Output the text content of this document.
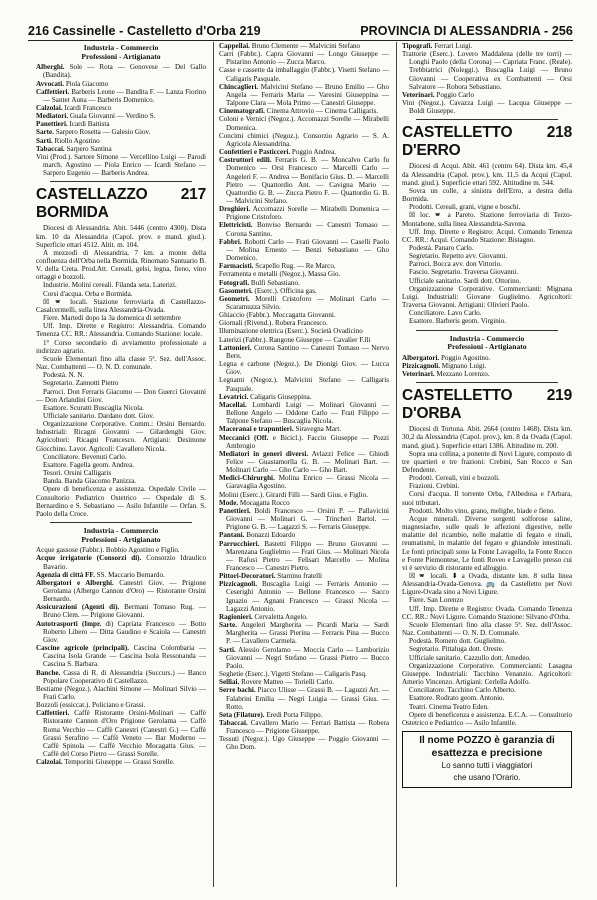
216 Cassinelle - Castelletto d'Orba 219	PROVINCIA DI ALESSANDRIA - 256
Industria - Commercio
Professioni - Artigianato

Alberghi. Sole — Rota — Genovese — Del Gallo (Bandita).

Avvocati. Piola Giacomo

Caffettieri. Barberis Leone — Bandita F. — Lanza Fiorino — Santer Auna — Barberis Domenico.

Calzolai. Icardi Francesco

Mediatori. Guala Giovanni — Verdino S.

Panettieri. Icardi Battista

Sarte. Sarpero Rosetta — Galesio Giov.

Sarti. Riollo Agostino

Tabaccai. Sarpero Santina

Vini (Prod.). Sartore Simone — Vercellino Luigi — Parodi march. Agostino — Piola Enrico — Icardi Stefano — Sarpero Eugenio — Barberis Andrea.

CASTELLAZZO BORMIDA
217

Diocesi di Alessandria. Abit. 5446 (centro 4300). Dista km. 10 da Alessandria (Capol. prov. e mand. giud.). Superficie ettari 4512. Altit. m. 104.

A mezzodì di Alessandria, 7 km. a monte della confluenza dell'Orba nella Bormida. Rinomato Santuario B. V. della Creta. Prod.Att. Cereali, gelsi, legna, fieno, vino ortaggi e bozzoli.

Industrie. Molini cereali. Filanda seta. Laterizi.

Corsi d'acqua. Orba e Bormida.

☒ 🕿 locali. Stazione ferroviaria di Castellazzo-Casalcermelli, sulla linea Alessandria-Ovada.

Fiere. Martedì dopo la 3a domenica di settembre

Uff. Imp. Dirette e Registro: Alessandria. Comando Tenenza CC. RR.: Alessandria. Comando Stazione: locale.

1° Corso secondario di avviamento professionale a indirizzo agrario.

Scuole Elementari fino alla classe 5ª. Sez. dell'Assoc. Naz. Combattenti — O. N. D. comunale.

Podestà. N. N.

Segretario. Zannotti Pietro

Parroci. Don Ferraris Giacomo — Don Guerci Giovanni — Don Arlandini Giov.

Esattore. Scuratti Buscaglia Nicola.

Ufficiale sanitario. Dardano dott. Giov.

Organizzazione Corporative. Comm.: Orsini Bernardo. Industriali: Ricagni Giovanni — Gilardenghi Giov. Agricoltori: Ricagni Francesco. Artigiani: Desimone Giocchino. Lavor. Agricoli: Cavallero Nicola.

Conciliatore. Bevenuti Carlo.

Esattore. Fagella geom. Andrea.

Tesori. Orsini Calligaris

Banda. Banda Giacomo Panizza.

Opere di beneficenza e assistenza. Ospedale Civile — Consultorio Pediatrico Ostetrico — Ospedale di S. Bernardino e S. Sebastiano — Asilo Infantile — Orfan. S. Paolo della Croce.

Industria - Commercio
Professioni - Artigianato

Acque gassose (Fabbr.). Bobbio Agostino e Figlio.

Acque irrigatorie (Consorzi di). Consorzio Idraulico Bavario.

Agenzia di città FF. SS. Maccario Bernardo.

Albergatori e Alberghi. Canestri Giov. — Prigione Gerolama (Albergo Cannon d'Oro) — Ristorante Orsini Bernardo.

Assicurazioni (Agenti di). Bermani Tomaso Rug. — Bruno Clem. — Prigione Giovanni.

Autotrasporti (Impr. di) Capriata Francesco — Botto Roberto Libero — Ditta Gaudino e Scaiola — Canestri Giov.

Cascine agricole (principali). Cascina Colombaria — Cascina Isola Grande — Cascina Isola Ressonanda — Cascina S. Barbara.

Banche. Cassa di R. di Alessandria (Succurs.) — Banco Popolare Cooperativo di Castellazzo.

Bestiame (Negoz.). Alachini Simone — Molinari Silvio — Frati Carlo.

Bozzoli (essiccat.). Policiano e Grassi.

Caffettieri. Caffè Ristorante Orsini-Molinari — Caffè Ristorante Cannon d'Oro Prigione Gerolama — Caffè Roma Vecchio — Caffè Canestri (Canestri G.) — Caffè Grassi Serafino — Caffè Veneto — Bar Moderno — Caffè Spinola — Caffè Vecchio Mocagatta Gius. — Caffè del Corso Pietro — Grassi Sorelle.

Calzolai. Temporini Giuseppe — Grassi Sorelle.

Cappellai. Bruno Clemente — Malvicini Stefano

Carri (Fabbr.). Capra Giovanni — Longo Giuseppe — Pistarino Antonio — Zucca Marco.

Casse e cassette da imballaggio (Fabbr.). Visetti Stefano — Caligaris Pasquale.

Chincaglieri. Malvicini Stefano — Bruno Emilio — Gho Angela — Ferraris Maria — Varesini Giuseppina — Talpone Clara — Mola Primo — Canestri Giuseppe.

Cinematografi. Cinema Attrovio — Cinema Calligaris.

Coloni e Vernici (Negoz.). Accomazzi Sorelle — Mirabelli Domenica.

Concimi chimici (Negoz.). Consorzio Agrario — S. A. Agricola Alessandrina.

Confettieri e Pasticceri. Poggio Andrea.

Costruttori edili. Ferraris G. B. — Moncalvo Carlo fu Domenico — Orsi Francesco — Marcelli Carlo — Angeleri F. — Andrea — Bonifacio Gius. D. — Marcelli Pietro — Quattordio Ant. — Cavigna Mario — Quattordio G. B. — Zucca Pietro F. — Quattordio G. B. — Malvicini Stefano.

Droghieri. Accomazzi Sorelle — Mirabelli Domenica — Prigione Cristoforo.

Elettricisti. Bonviso Bernardo — Canestri Tomaso — Corona Santino.

Fabbri. Robotti Carlo — Frati Giovanni — Caselli Paolo — Molina Ernesto — Benzi Sebastiano — Gho Domenico.

Farmacisti. Scapello Rug. — Re Marco.

Ferramenta e metalli (Negoz.). Massa Gio.

Fotografi. Bulfi Sebastiano.

Gasometri. (Eserc.). Officina gas.

Geometri. Morelli Cristoforo — Molinari Carlo — Scaramuzza Silvio.

Ghiaccio (Fabbr.). Moccagatta Giovanni.

Giornali (Rivend.). Robera Francesco.

Illuminazione elettrica (Eserc.). Società Ovadicino

Laterizi (Fabbr.). Rangone Giuseppe — Cavalier F.lli

Lattonieri. Corona Santino — Canestri Tomaso — Nervo Bern.

Legna e carbone (Negoz.). De Dionigi Giov. — Lucca Giov.

Legnami (Negoz.). Malvicini Stefano — Calligaris Pasquale.

Levatrici. Caligaris Giuseppina.

Macellai. Lombardi Luigi — Molinari Giovanni — Bellone Angelo — Oddone Carlo — Frati Filippo — Talpone Stefano — Buscaglia Nicola.

Maceranai e trapuntieri. Siravegna Mart.

Meccanici (Off. e Bicicl.). Faccio Giuseppe — Pozzi Ambrogio

Mediatori in generi diversi. Avlazzi Felice — Ghiodi Felice — Guastamorlla G. B. — Molinari Bart. — Molinari Carlo — Gho Carlo — Gho Bart.

Medici-Chirurghi. Molina Enrico — Grassi Nicola — Garavaglia Agostino.

Molini (Eserc.). Girardi Filli — Sardi Gius. e Figlio.

Mode. Mocagatta Rocco

Panettieri. Boldi Francesco — Orsini P. — Pallavicini Giovanni — Molinari G. — Trincheri Bartol. — Prigione G. B. — Lagazzi S. — Ferraris Giuseppe.

Pantani. Bonazzi Edoardo

Parrucchieri. Bastetti Filippo — Bruno Giovanni — Marenzana Guglielmo — Frati Gius. — Molinari Nicola — Rafusi Pietro — Felisari Marcello — Molina Francesco — Canestri Pietro.

Pittori-Decoratori. Starnino fratelli

Pizzicagnoli. Buscaglia Luigi — Ferraris Antonio — Ceserighi Antonio — Bellone Francesco — Sacco Ignazio — Agnani Francesco — Grassi Nicola — Lagazzi Antonio.

Ragionieri. Cervaletta Angelo.

Sarte. Angeleri Margherita — Picardi Maria — Sardi Margherita — Grassi Pierina — Ferraris Pina — Bucco P. — Cavallero Carmela.

Sarti. Alessio Gerolamo — Moccia Carlo — Lamborizio Giovanni — Negri Stefano — Grassi Pietro — Bucco Paolo.

Seghetie (Eserc.). Vigetti Stefano — Caligaris Pasq.

Selliai. Rovere Matteo — Torielli Carlo.

Serre bachi. Piacco Ulisse — Grassi B. — Laguzzi Art. — Falabrini Emilia — Negri Luigia — Grassi Gius. — Rotto.

Seta (Filature). Eredi Porta Filippo.

Tabaccai. Cavallero Mario — Ferrari Battista — Robera Francesco — Prigione Giuseppe.

Tessuti (Negoz.). Ugo Giuseppe — Poggio Giovanni — Gho Dom.

Tipografi. Ferrari Luigi.

Trattorie (Eserc.). Lovero Maddalena (delle tre torri) — Longhi Paolo (della Corona) — Capriata Franc. (Reale). Trebbiatrici (Noleggi.). Buscaglia Luigi — Bruno Giovanni — Cooperativa ex Combattenti — Orsi Salvatore — Robora Sebastiano.

Veterinari. Poggio Carlo

Vini (Negoz.). Cavazza Luigi — Lacqua Giuseppe — Boldi Giuseppe.

CASTELLETTO D'ERRO
218

Diocesi di Acqui. Abit. 461 (centro 64). Dista km. 45,4 da Alessandria (Capol. prov.), km. 11,5 da Acqui (Capol. mand. giud.). Superficie ettari 592. Altitudine m. 544.

Sovra un colle, a sinistra dell'Erro, a destra della Bormida.

Prodotti. Cereali, grani, vigne e boschi.

☒ loc. 🕿 a Pareto. Stazione ferroviaria di Terzo-Montabone, sulla linea Alessandria-Savona.

Uff. Imp. Dirette e Registro: Acqui. Comando Tenenza CC. RR.: Acqui. Comando Stazione: Bistagno.

Podestà. Panaro Carlo.

Segretario. Repetto avv. Giovanni.

Parroci. Bocca avv. don Vittorio.

Fascio. Segretario. Traversa Giovanni.

Ufficiale sanitario. Sardi dott. Ottorino.

Organizzazione Corporative. Commercianti: Mignana Luigi. Industriali: Giovane Guglielmo. Agricoltori: Traversa Giovanni. Artigiani: Olivieri Paolo.

Conciliatore. Lavo Carlo.

Esattore. Barberis geom. Virginio.

Industria - Commercio
Professioni - Artigianato

Albergatori. Poggio Agostino.

Pizzicagnoli. Mignano Luigi.

Veterinari. Mezzano Lorenzo.

CASTELLETTO D'ORBA
219

Diocesi di Tortona. Abit. 2664 (centro 1468). Dista km. 30,2 da Alessandria (Capol. prov.), km. 8 da Ovada (Capol. mand. giud.). Superficie ettari 1386. Altitudine m. 200.

Sopra una collina, a ponente di Novi Ligure, composto di tre quartieri e tre frazioni: Crebini, San Rocco e San Defendente.

Prodotti. Cereali, vini e bozzoli.

Frazioni. Crebini.

Corsi d'acqua. Il torrente Orba, l'Albedosa e l'Arbara, suoi tributari.

Prodotti. Molto vino, grano, melighe, biade e fieno.

Acque minerali. Diverse sorgenti solforose saline, magnesiache, sulle quali le affezioni digestive, nelle malattie del ricambio, nelle malattie di fegato e rinali, reumatismi, in malattie del fegato e ghiandole intestinali. Le fonti principali sono la Fonte Lavagello, la Fonte Rocco e Fonte Piemontese, Le fonti Roveo e Lavagello presso cui vi è servizio di ristorante ed alloggio.

☒ 🕿 locali. ⬇ a Ovada, distante km. 8 sulla linea Alessandria-Ovada-Genova. 🚌 da Castelletto per Novi Ligure-Ovada sino a Novi Ligure.

Fiere. San Lorenzo

Uff. Imp. Dirette e Registro: Ovada. Comando Tenenza CC. RR.: Novi Ligure. Comando Stazione: Silvano d'Orba.

Scuole Elementari fino alla classe 5ª. Sez. dell'Assoc. Naz. Combattenti — O. N. D. Comunale.

Podestà. Romero dott. Guglielmo.

Segretario. Pittaluga dott. Oreste.

Ufficiale sanitario. Cazzullo dott. Amedeo.

Organizzazione Corporative. Commercianti: Lasagna Giuseppe. Industriali: Tacchino Venanzio. Agricoltori: Amerio Vincenzo. Artigiani: Cerlella Adolfo.

Conciliatore. Tacchino Carlo Alberto.

Esattore. Rodrato geom. Antonio.

Teatri. Cinema Teatro Eden.

Opere di beneficenza e assistenza. E.C.A. — Consultorio Ostetrico e Pediatrico — Asilo Infantile.

Il nome POZZO è garanzia di
esattezza e precisione
Lo sanno tutti i viaggiatori
che usano l'Orario.
